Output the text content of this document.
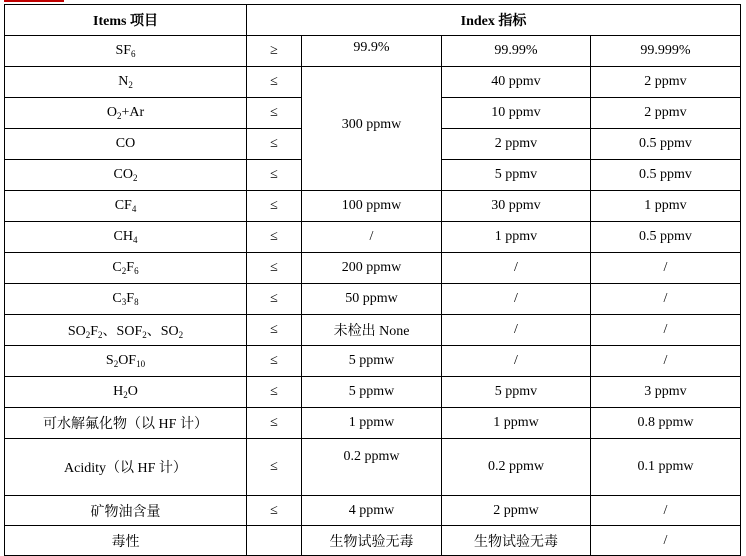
Items 项目	Index 指标			
$SF_6$	≥	99.9%	99.99%	99.999%
$N_2$	≤	300 ppmw	40 ppmv	2 ppmv
$O_2+Ar$	≤		10 ppmv	2 ppmv
CO	≤		2 ppmv	0.5 ppmv
$CO_2$	≤		5 ppmv	0.5 ppmv
$CF_4$	≤	100 ppmw	30 ppmv	1 ppmv
$CH_4$	≤	/	1 ppmv	0.5 ppmv
$C_2F_6$	≤	200 ppmw	/	/
$C_3F_8$	≤	50 ppmw	/	/
$SO_2F_2$、$SOF_2$、$SO_2$	≤	未检出 None	/	/
$S_2OF_{10}$	≤	5 ppmw	/	/
$H_2O$	≤	5 ppmw	5 ppmv	3 ppmv
可水解氟化物（以 HF 计）	≤	1 ppmw	1 ppmw	0.8 ppmw
Acidity（以 HF 计）	≤	0.2 ppmw	0.2 ppmw	0.1 ppmw
矿物油含量	≤	4 ppmw	2 ppmw	/
毒性		生物试验无毒	生物试验无毒	/
